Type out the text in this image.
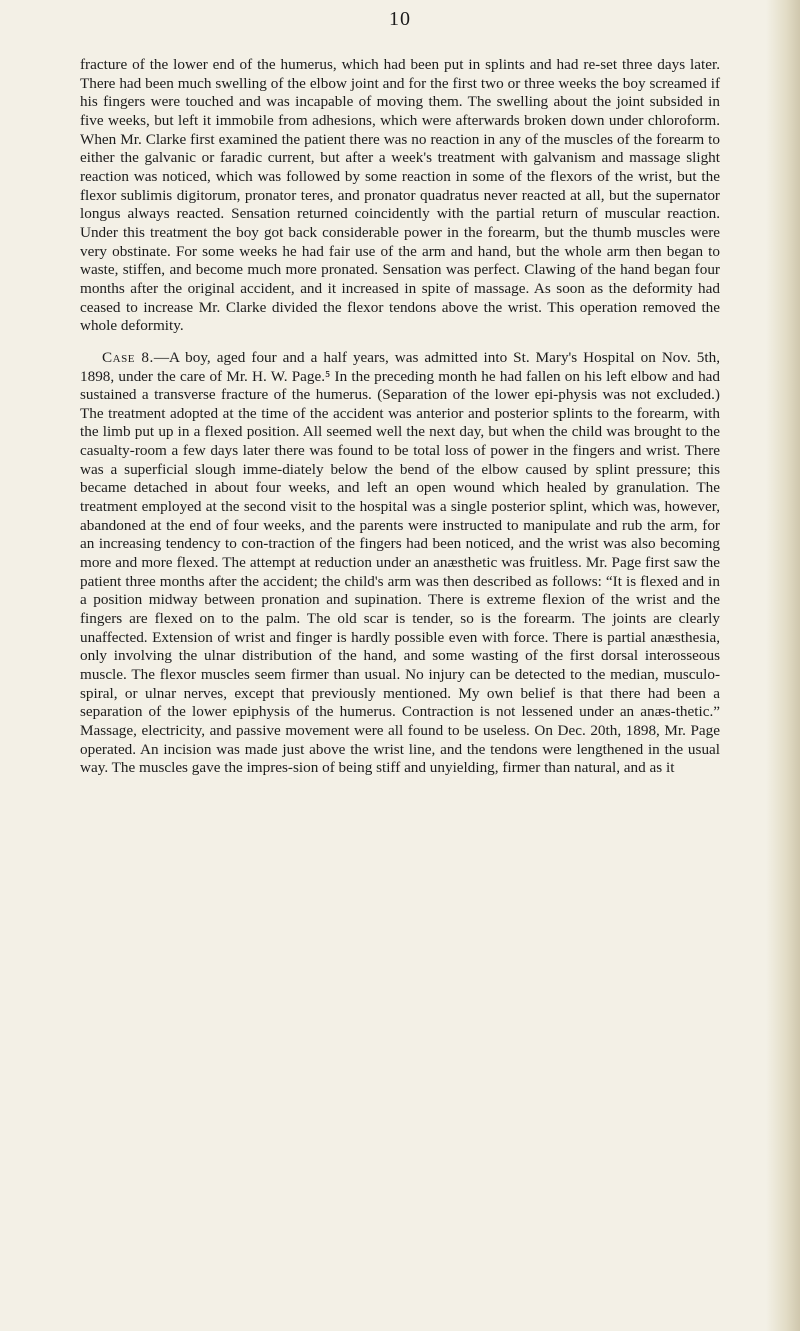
10

fracture of the lower end of the humerus, which had been put in splints and had re-set three days later. There had been much swelling of the elbow joint and for the first two or three weeks the boy screamed if his fingers were touched and was incapable of moving them. The swelling about the joint subsided in five weeks, but left it immobile from adhesions, which were afterwards broken down under chloroform. When Mr. Clarke first examined the patient there was no reaction in any of the muscles of the forearm to either the galvanic or faradic current, but after a week's treatment with galvanism and massage slight reaction was noticed, which was followed by some reaction in some of the flexors of the wrist, but the flexor sublimis digitorum, pronator teres, and pronator quadratus never reacted at all, but the supernator longus always reacted. Sensation returned coincidently with the partial return of muscular reaction. Under this treatment the boy got back considerable power in the forearm, but the thumb muscles were very obstinate. For some weeks he had fair use of the arm and hand, but the whole arm then began to waste, stiffen, and become much more pronated. Sensation was perfect. Clawing of the hand began four months after the original accident, and it increased in spite of massage. As soon as the deformity had ceased to increase Mr. Clarke divided the flexor tendons above the wrist. This operation removed the whole deformity.

Case 8.—A boy, aged four and a half years, was admitted into St. Mary's Hospital on Nov. 5th, 1898, under the care of Mr. H. W. Page.⁵ In the preceding month he had fallen on his left elbow and had sustained a transverse fracture of the humerus. (Separation of the lower epi-physis was not excluded.) The treatment adopted at the time of the accident was anterior and posterior splints to the forearm, with the limb put up in a flexed position. All seemed well the next day, but when the child was brought to the casualty-room a few days later there was found to be total loss of power in the fingers and wrist. There was a superficial slough imme-diately below the bend of the elbow caused by splint pressure; this became detached in about four weeks, and left an open wound which healed by granulation. The treatment employed at the second visit to the hospital was a single posterior splint, which was, however, abandoned at the end of four weeks, and the parents were instructed to manipulate and rub the arm, for an increasing tendency to con-traction of the fingers had been noticed, and the wrist was also becoming more and more flexed. The attempt at reduction under an anæsthetic was fruitless. Mr. Page first saw the patient three months after the accident; the child's arm was then described as follows: “It is flexed and in a position midway between pronation and supination. There is extreme flexion of the wrist and the fingers are flexed on to the palm. The old scar is tender, so is the forearm. The joints are clearly unaffected. Extension of wrist and finger is hardly possible even with force. There is partial anæsthesia, only involving the ulnar distribution of the hand, and some wasting of the first dorsal interosseous muscle. The flexor muscles seem firmer than usual. No injury can be detected to the median, musculo-spiral, or ulnar nerves, except that previously mentioned. My own belief is that there had been a separation of the lower epiphysis of the humerus. Contraction is not lessened under an anæs-thetic.” Massage, electricity, and passive movement were all found to be useless. On Dec. 20th, 1898, Mr. Page operated. An incision was made just above the wrist line, and the tendons were lengthened in the usual way. The muscles gave the impres-sion of being stiff and unyielding, firmer than natural, and as it
